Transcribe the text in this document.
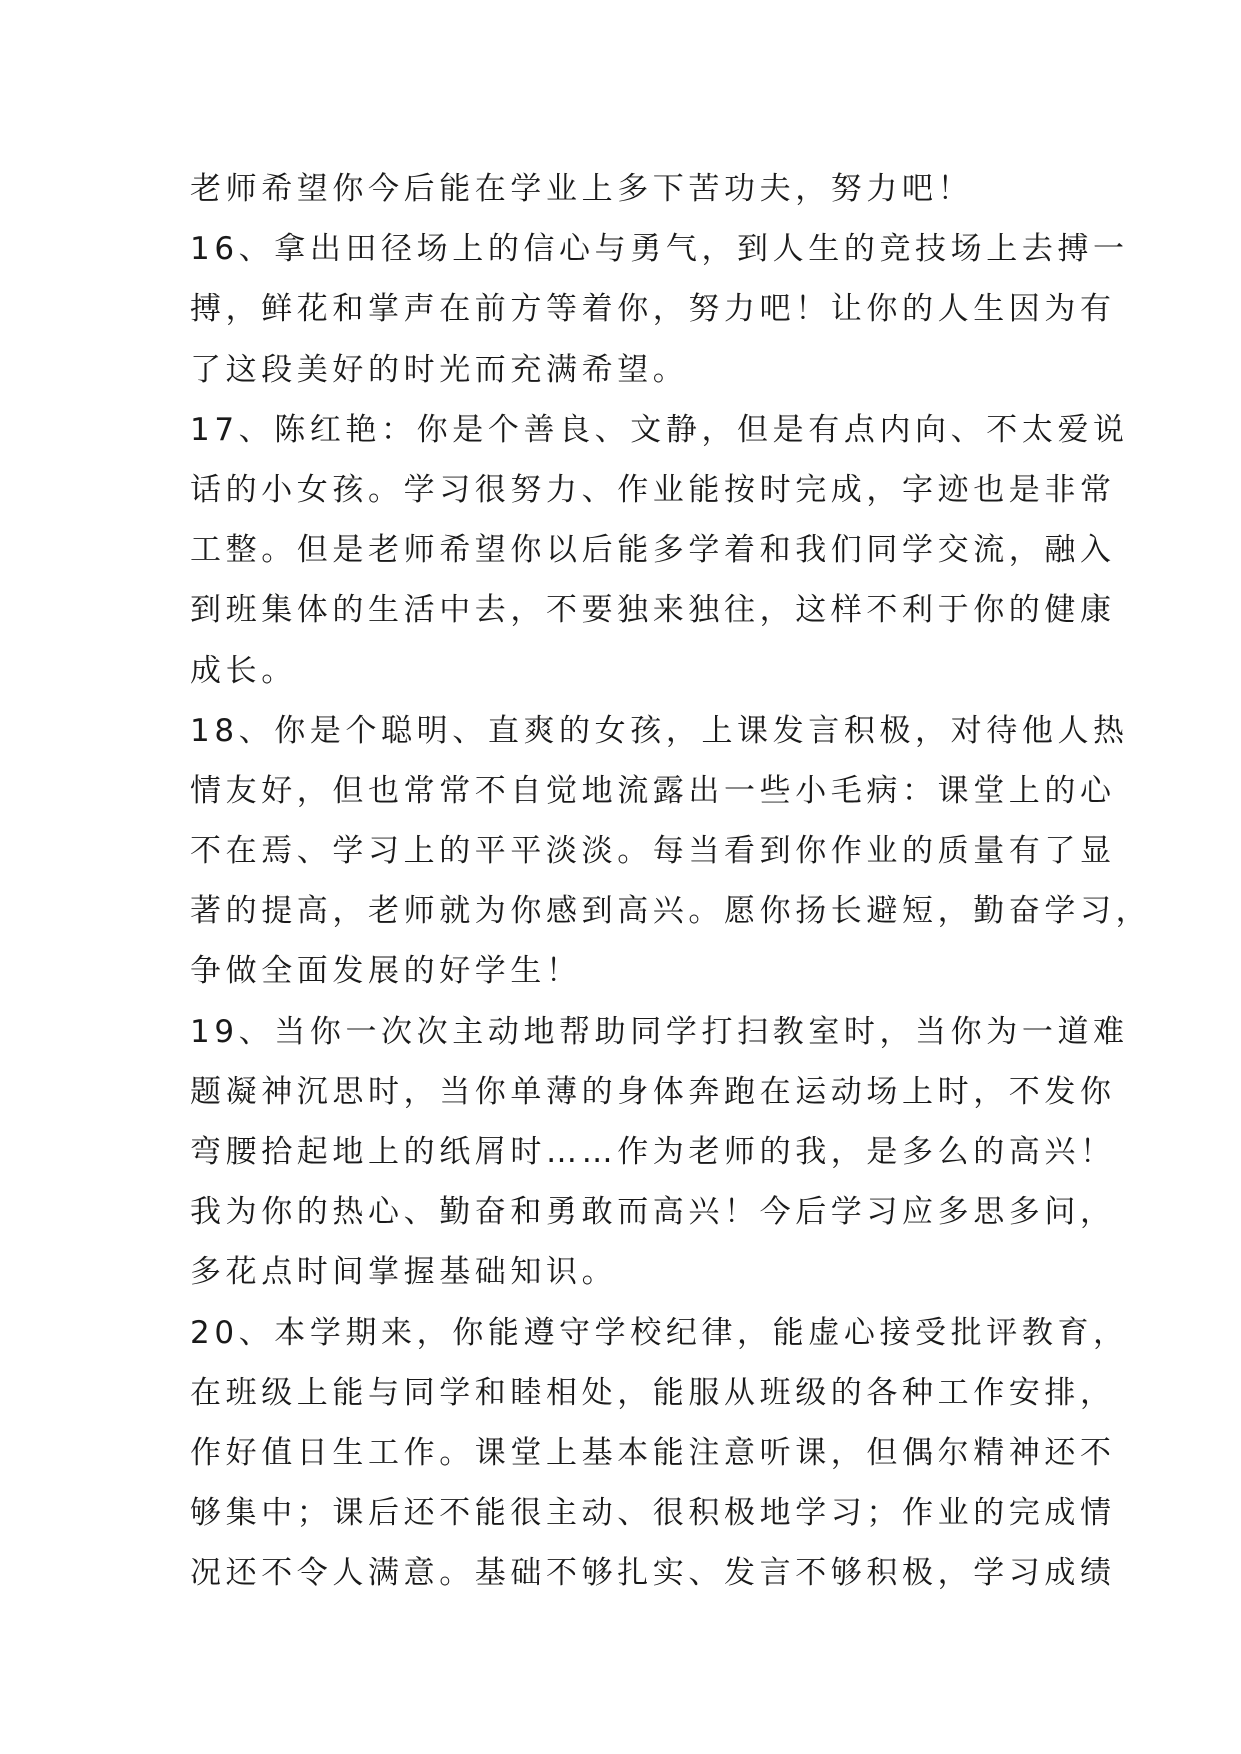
老师希望你今后能在学业上多下苦功夫，努力吧！
16、拿出田径场上的信心与勇气，到人生的竞技场上去搏一
搏，鲜花和掌声在前方等着你，努力吧！让你的人生因为有
了这段美好的时光而充满希望。
17、陈红艳：你是个善良、文静，但是有点内向、不太爱说
话的小女孩。学习很努力、作业能按时完成，字迹也是非常
工整。但是老师希望你以后能多学着和我们同学交流，融入
到班集体的生活中去，不要独来独往，这样不利于你的健康
成长。
18、你是个聪明、直爽的女孩，上课发言积极，对待他人热
情友好，但也常常不自觉地流露出一些小毛病：课堂上的心
不在焉、学习上的平平淡淡。每当看到你作业的质量有了显
著的提高，老师就为你感到高兴。愿你扬长避短，勤奋学习，
争做全面发展的好学生！
19、当你一次次主动地帮助同学打扫教室时，当你为一道难
题凝神沉思时，当你单薄的身体奔跑在运动场上时，不发你
弯腰拾起地上的纸屑时……作为老师的我，是多么的高兴！
我为你的热心、勤奋和勇敢而高兴！今后学习应多思多问，
多花点时间掌握基础知识。
20、本学期来，你能遵守学校纪律，能虚心接受批评教育，
在班级上能与同学和睦相处，能服从班级的各种工作安排，
作好值日生工作。课堂上基本能注意听课，但偶尔精神还不
够集中；课后还不能很主动、很积极地学习；作业的完成情
况还不令人满意。基础不够扎实、发言不够积极，学习成绩
